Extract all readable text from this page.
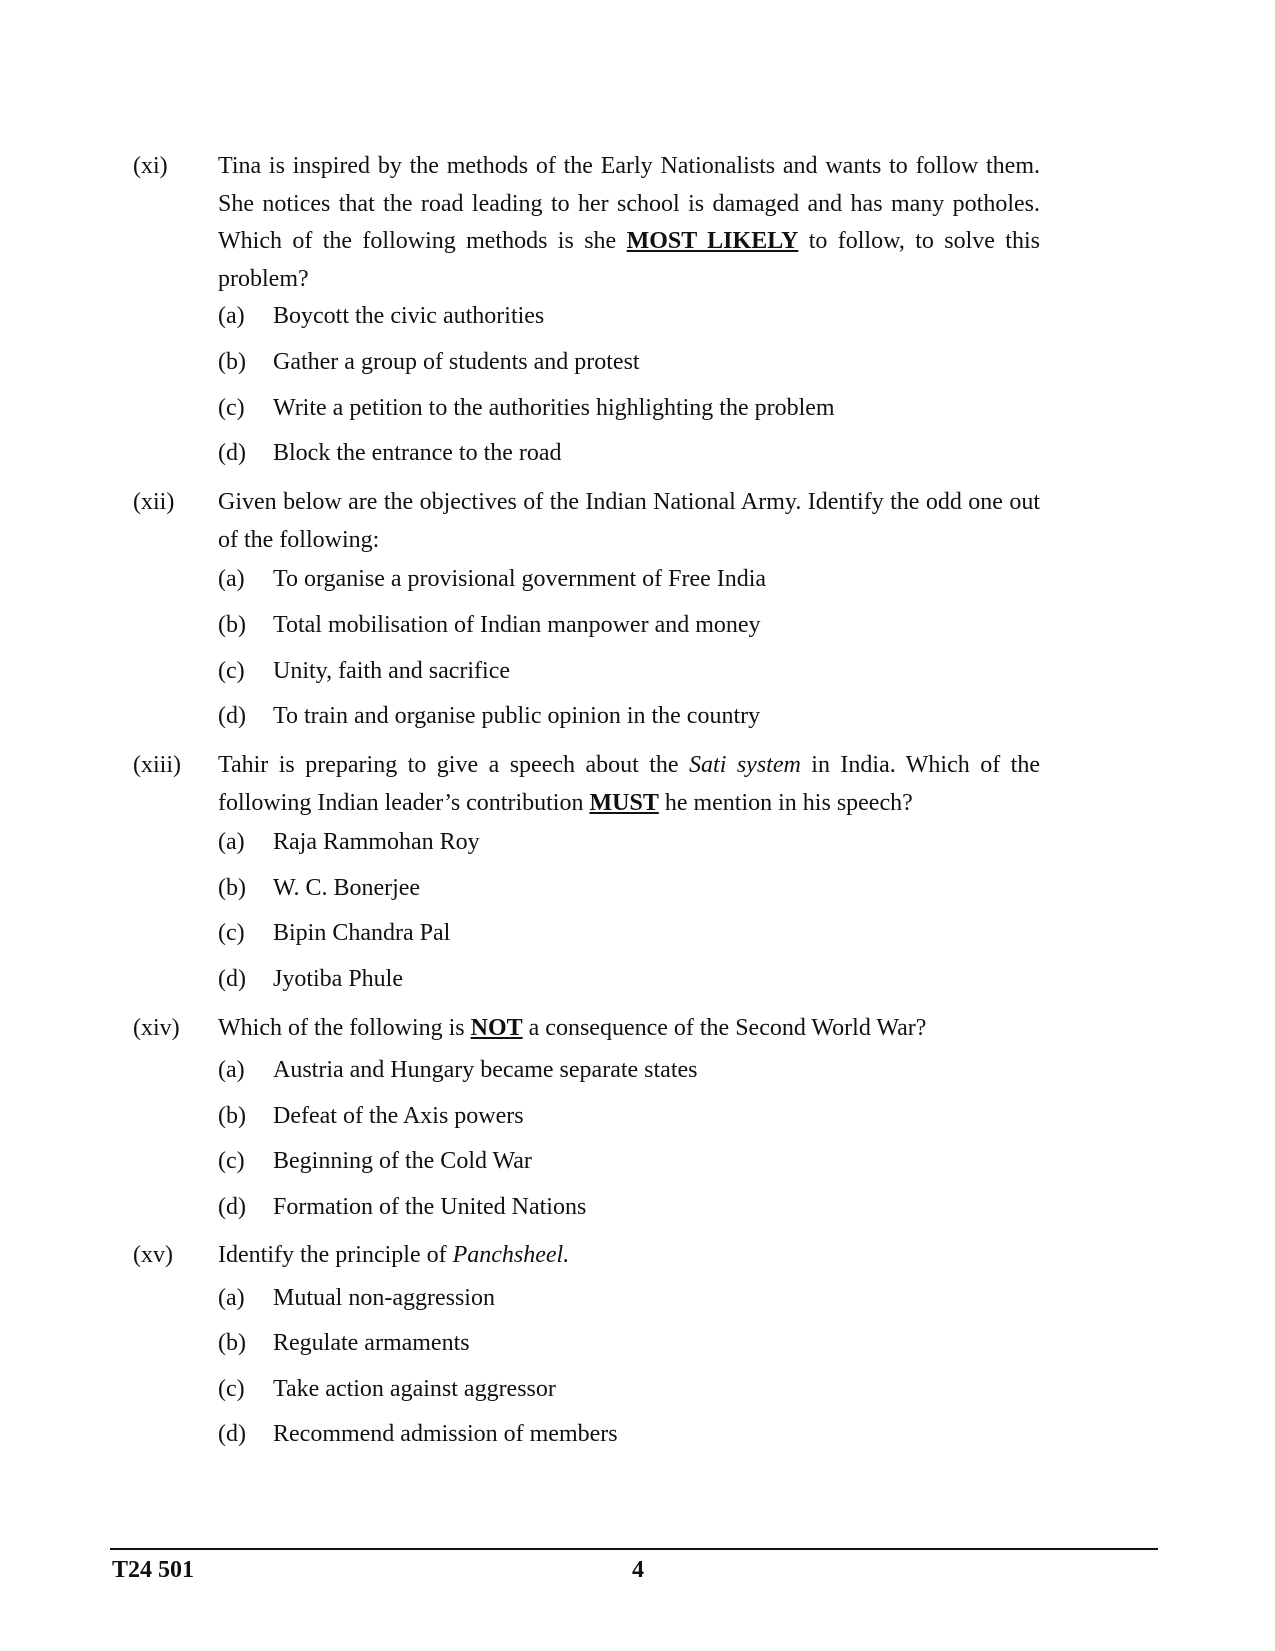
(xi) Tina is inspired by the methods of the Early Nationalists and wants to follow them. She notices that the road leading to her school is damaged and has many potholes. Which of the following methods is she MOST LIKELY to follow, to solve this problem?
(a) Boycott the civic authorities
(b) Gather a group of students and protest
(c) Write a petition to the authorities highlighting the problem
(d) Block the entrance to the road
(xii) Given below are the objectives of the Indian National Army. Identify the odd one out of the following:
(a) To organise a provisional government of Free India
(b) Total mobilisation of Indian manpower and money
(c) Unity, faith and sacrifice
(d) To train and organise public opinion in the country
(xiii) Tahir is preparing to give a speech about the Sati system in India. Which of the following Indian leader’s contribution MUST he mention in his speech?
(a) Raja Rammohan Roy
(b) W. C. Bonerjee
(c) Bipin Chandra Pal
(d) Jyotiba Phule
(xiv) Which of the following is NOT a consequence of the Second World War?
(a) Austria and Hungary became separate states
(b) Defeat of the Axis powers
(c) Beginning of the Cold War
(d) Formation of the United Nations
(xv) Identify the principle of Panchsheel.
(a) Mutual non-aggression
(b) Regulate armaments
(c) Take action against aggressor
(d) Recommend admission of members
T24 501	4
